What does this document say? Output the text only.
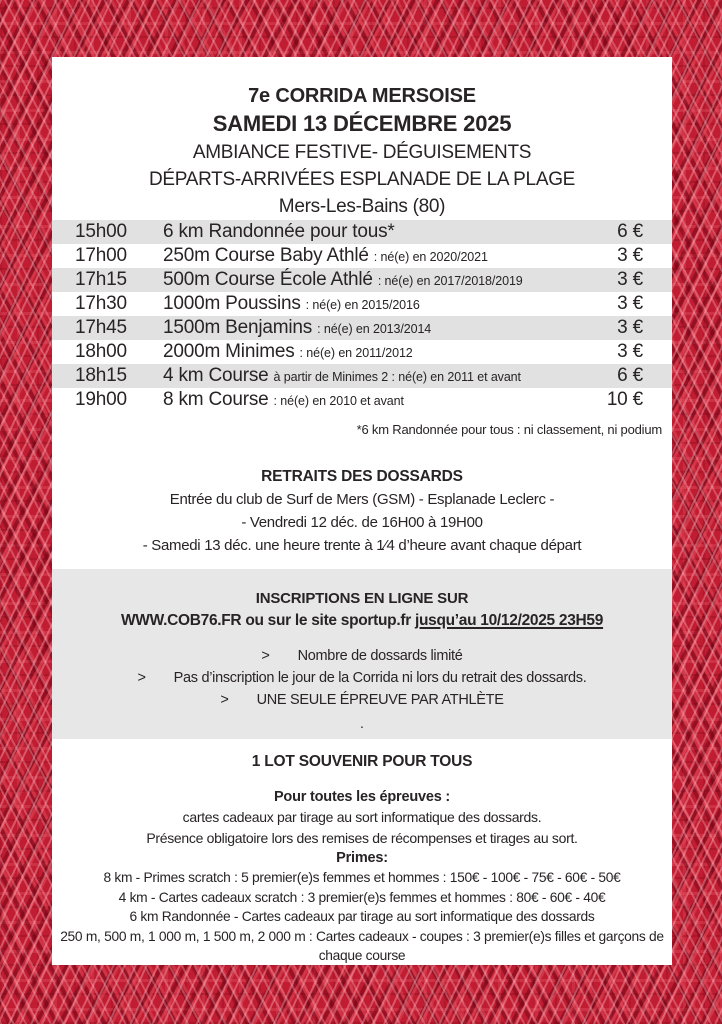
7e CORRIDA MERSOISE
SAMEDI 13 DÉCEMBRE 2025
AMBIANCE FESTIVE- DÉGUISEMENTS
DÉPARTS-ARRIVÉES ESPLANADE DE LA PLAGE
Mers-Les-Bains (80)
15h00	6 km Randonnée pour tous*	6 €
17h00	250m Course Baby Athlé : né(e) en 2020/2021	3 €
17h15	500m Course École Athlé : né(e) en 2017/2018/2019	3 €
17h30	1000m Poussins : né(e) en 2015/2016	3 €
17h45	1500m Benjamins : né(e) en 2013/2014	3 €
18h00	2000m Minimes : né(e) en 2011/2012	3 €
18h15	4 km Course à partir de Minimes 2 : né(e) en 2011 et avant	6 €
19h00	8 km Course : né(e) en 2010 et avant	10 €
*6 km Randonnée pour tous : ni classement, ni podium
RETRAITS DES DOSSARDS
Entrée du club de Surf de Mers (GSM) - Esplanade Leclerc -
- Vendredi 12 déc. de 16H00 à 19H00
- Samedi 13 déc. une heure trente à 1⁄4 d’heure avant chaque départ
INSCRIPTIONS EN LIGNE SUR
WWW.COB76.FR ou sur le site sportup.fr jusqu’au 10/12/2025 23H59
> Nombre de dossards limité
> Pas d’inscription le jour de la Corrida ni lors du retrait des dossards.
> UNE SEULE ÉPREUVE PAR ATHLÈTE
.
1 LOT SOUVENIR POUR TOUS
Pour toutes les épreuves :
cartes cadeaux par tirage au sort informatique des dossards.
Présence obligatoire lors des remises de récompenses et tirages au sort.
Primes:
8 km - Primes scratch : 5 premier(e)s femmes et hommes : 150€ - 100€ - 75€ - 60€ - 50€
4 km - Cartes cadeaux scratch : 3 premier(e)s femmes et hommes : 80€ - 60€ - 40€
6 km Randonnée - Cartes cadeaux par tirage au sort informatique des dossards
250 m, 500 m, 1 000 m, 1 500 m, 2 000 m : Cartes cadeaux - coupes : 3 premier(e)s filles et garçons de chaque course
